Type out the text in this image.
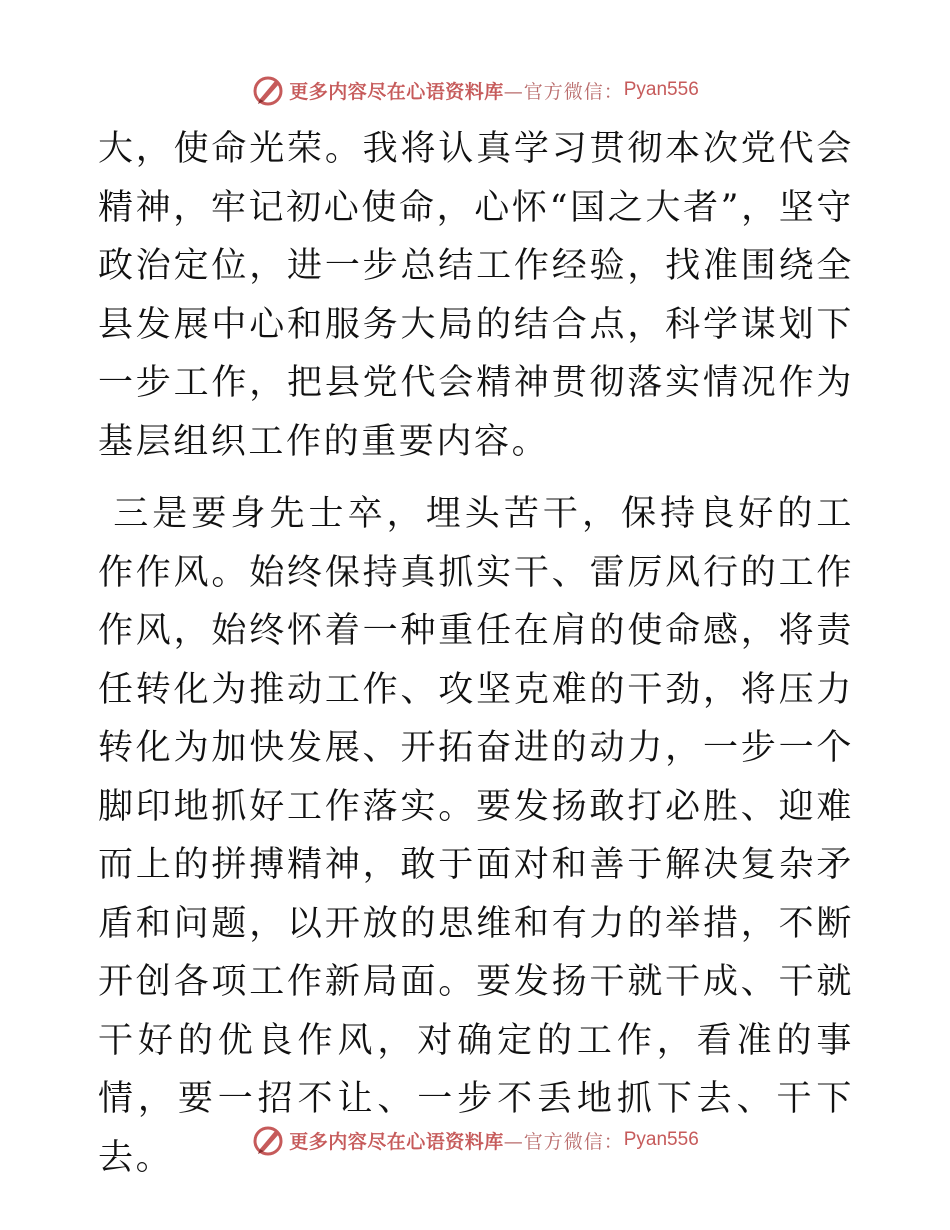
更多内容尽在心语资料库 —官方微信： Pyan556

大，使命光荣。我将认真学习贯彻本次党代会精神，牢记初心使命，心怀“国之大者”，坚守政治定位，进一步总结工作经验，找准围绕全县发展中心和服务大局的结合点，科学谋划下一步工作，把县党代会精神贯彻落实情况作为基层组织工作的重要内容。

三是要身先士卒，埋头苦干，保持良好的工作作风。始终保持真抓实干、雷厉风行的工作作风，始终怀着一种重任在肩的使命感，将责任转化为推动工作、攻坚克难的干劲，将压力转化为加快发展、开拓奋进的动力，一步一个脚印地抓好工作落实。要发扬敢打必胜、迎难而上的拼搏精神，敢于面对和善于解决复杂矛盾和问题，以开放的思维和有力的举措，不断开创各项工作新局面。要发扬干就干成、干就干好的优良作风，对确定的工作，看准的事情，要一招不让、一步不丢地抓下去、干下去。	更多内容尽在心语资料库 —官方微信： Pyan556
